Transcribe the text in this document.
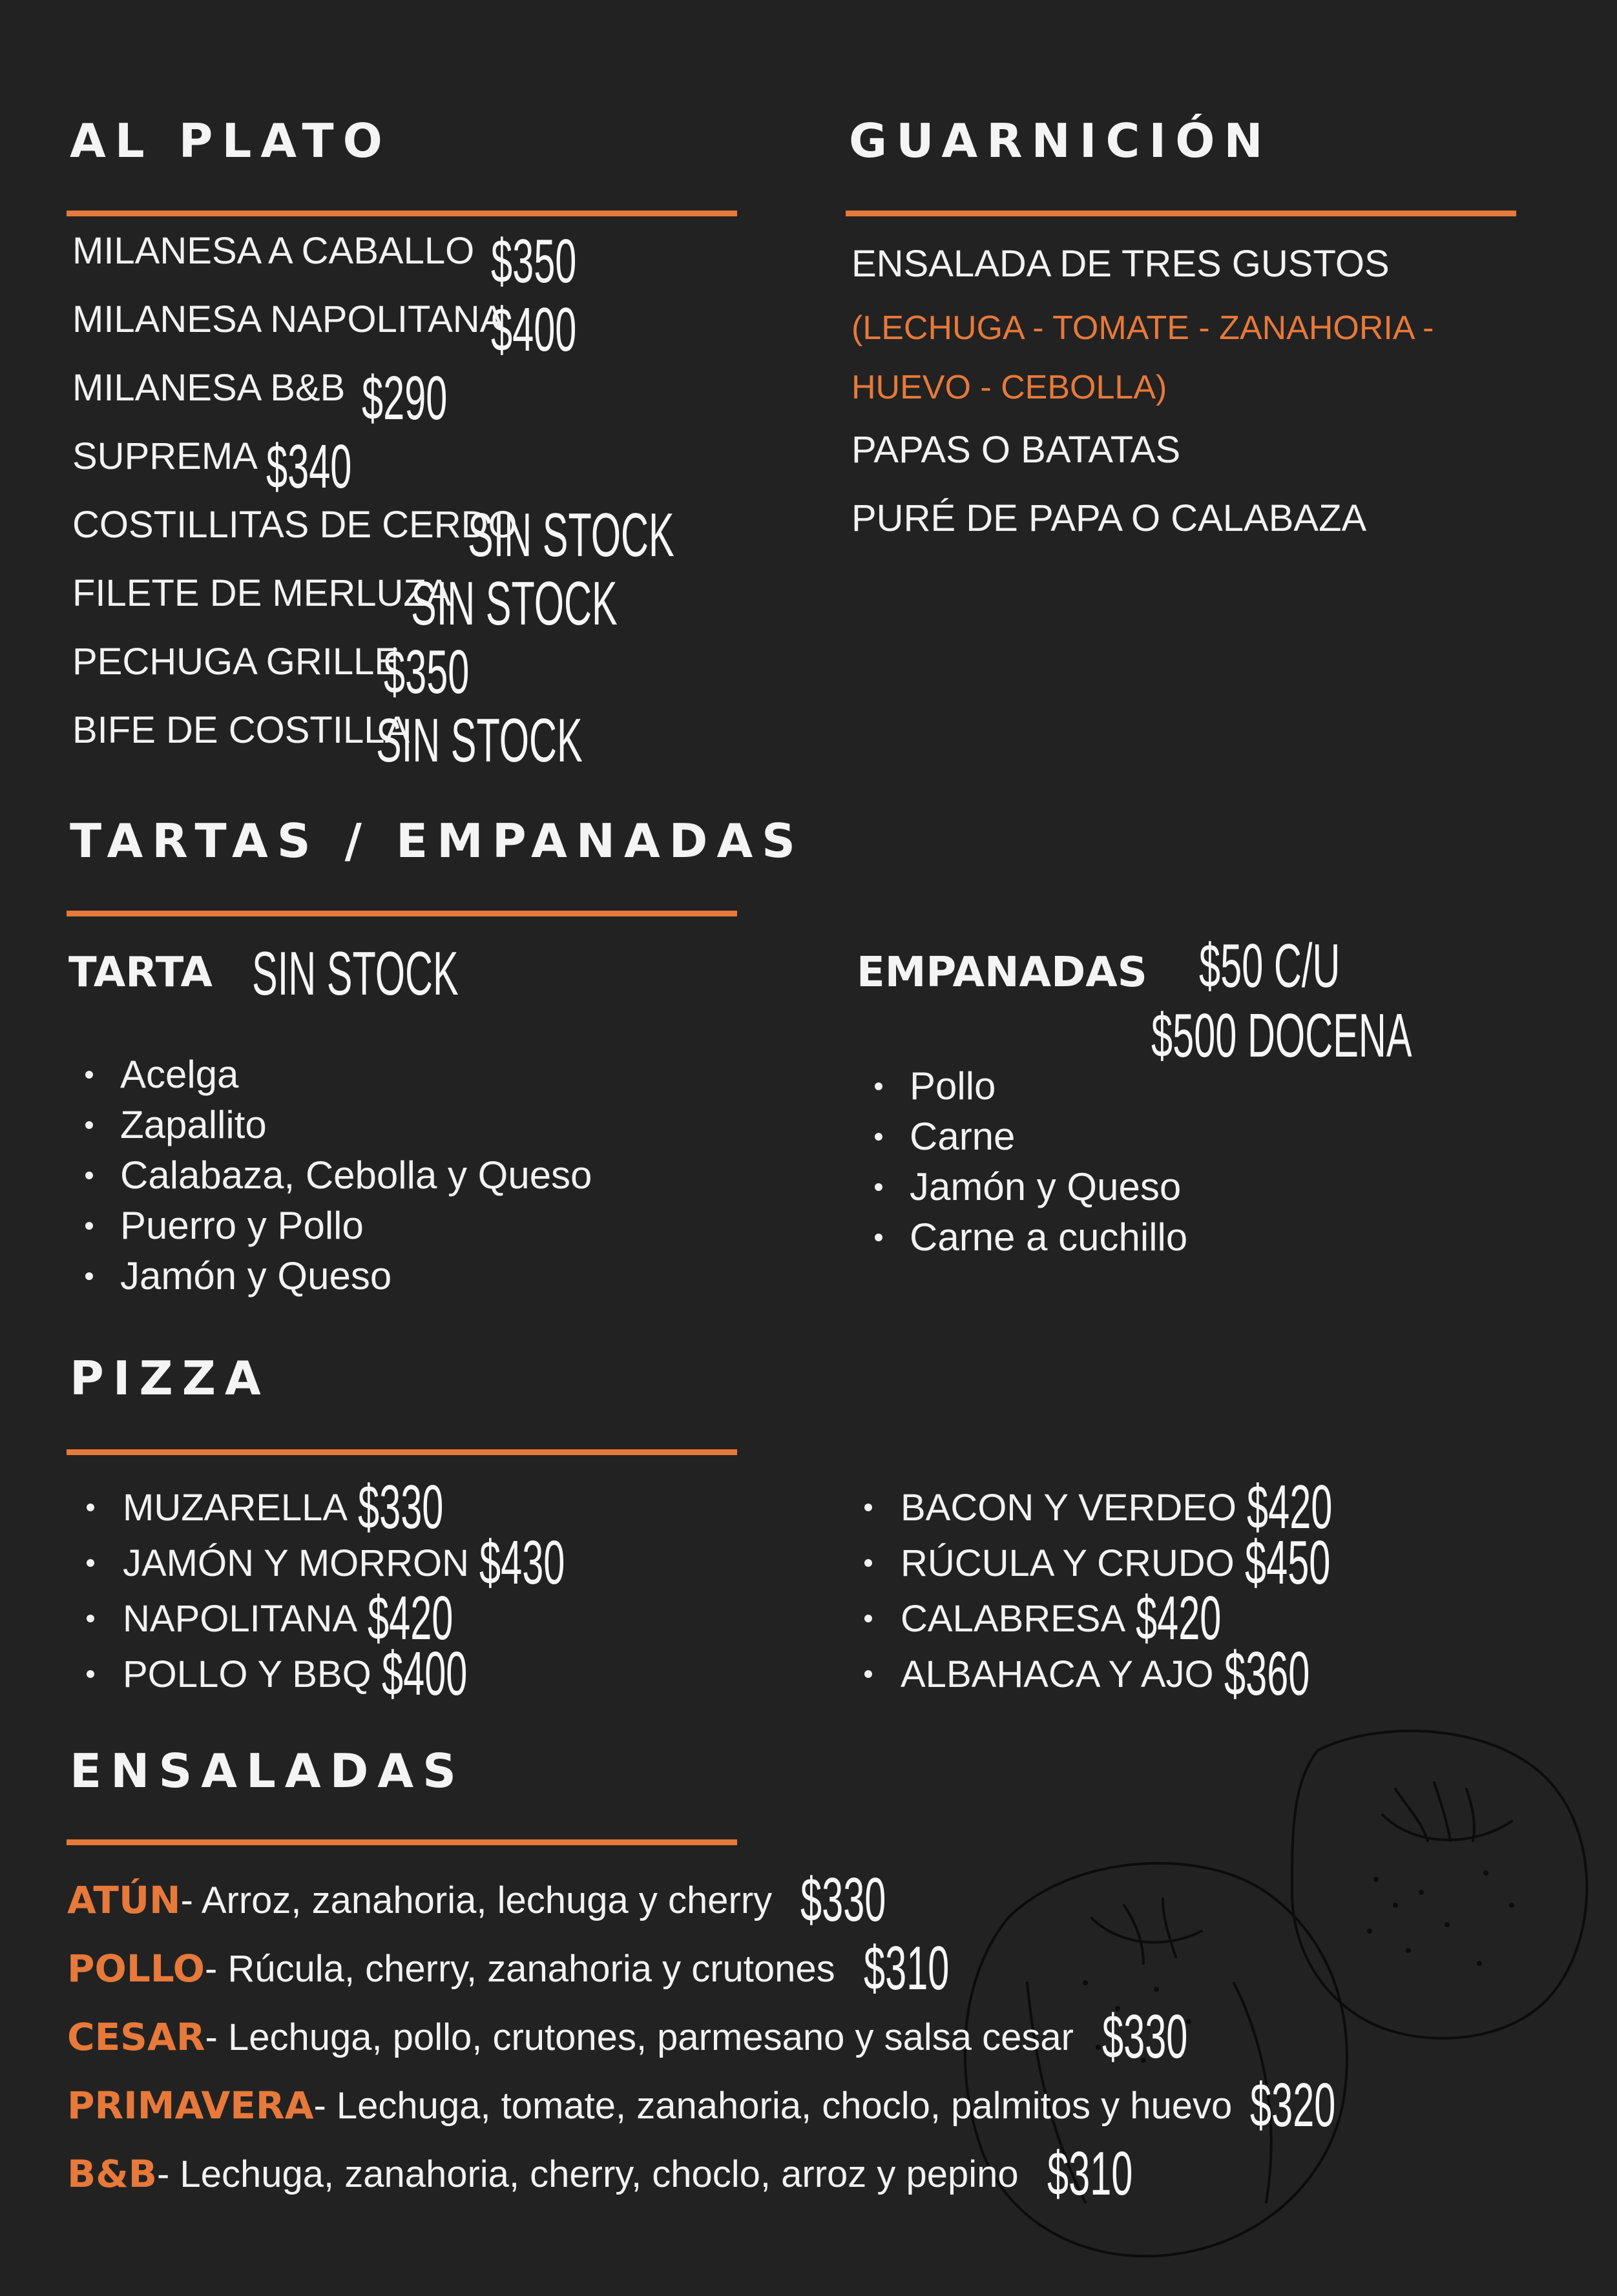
AL PLATO
MILANESA A CABALLO $350
MILANESA NAPOLITANA
$400
MILANESA B&B $290
SUPREMA $340
COSTILLITAS DE CERDO
SIN STOCK
FILETE DE MERLUZA
SIN STOCK
PECHUGA GRILLE
$350
BIFE DE COSTILLA
SIN STOCK
GUARNICIÓN
ENSALADA DE TRES GUSTOS
(LECHUGA - TOMATE - ZANAHORIA -
HUEVO - CEBOLLA)
PAPAS O BATATAS
PURÉ DE PAPA O CALABAZA
TARTAS / EMPANADAS
TARTA SIN STOCK
Acelga
Zapallito
Calabaza, Cebolla y Queso
Puerro y Pollo
Jamón y Queso
EMPANADAS $50 C/U
$500 DOCENA
Pollo
Carne
Jamón y Queso
Carne a cuchillo
PIZZA
MUZARELLA $330
JAMÓN Y MORRON $430
NAPOLITANA $420
POLLO Y BBQ $400
BACON Y VERDEO $420
RÚCULA Y CRUDO $450
CALABRESA $420
ALBAHACA Y AJO $360
ENSALADAS
ATÚN - Arroz, zanahoria, lechuga y cherry $330
POLLO - Rúcula, cherry, zanahoria y crutones $310
CESAR - Lechuga, pollo, crutones, parmesano y salsa cesar $330
PRIMAVERA - Lechuga, tomate, zanahoria, choclo, palmitos y huevo $320
B&B - Lechuga, zanahoria, cherry, choclo, arroz y pepino $310
